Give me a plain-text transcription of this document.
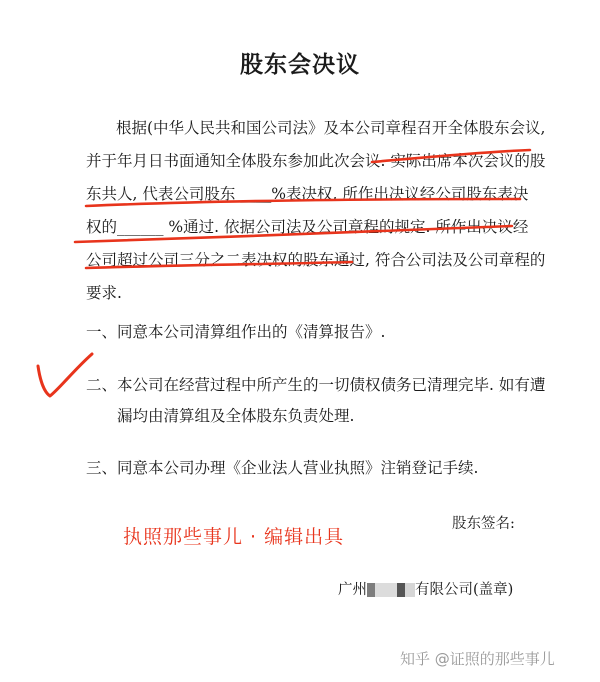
股东会决议
根据(中华人民共和国公司法》及本公司章程召开全体股东会议,
并于年月日书面通知全体股东参加此次会议. 实际出席本次会议的股
东共人, 代表公司股东 ____%表决权, 所作出决议经公司股东表决
权的______ %通过. 依据公司法及公司章程的规定. 所作出决议经
公司超过公司三分之二表决权的股东通过, 符合公司法及公司章程的
要求.
一、同意本公司清算组作出的《清算报告》.
二、本公司在经营过程中所产生的一切债权债务已清理完毕. 如有遭
漏均由清算组及全体股东负责处理.
三、同意本公司办理《企业法人营业执照》注销登记手续.
股东签名:
执照那些事儿 · 编辑出具
广州	有限公司(盖章)
知乎 @证照的那些事儿
